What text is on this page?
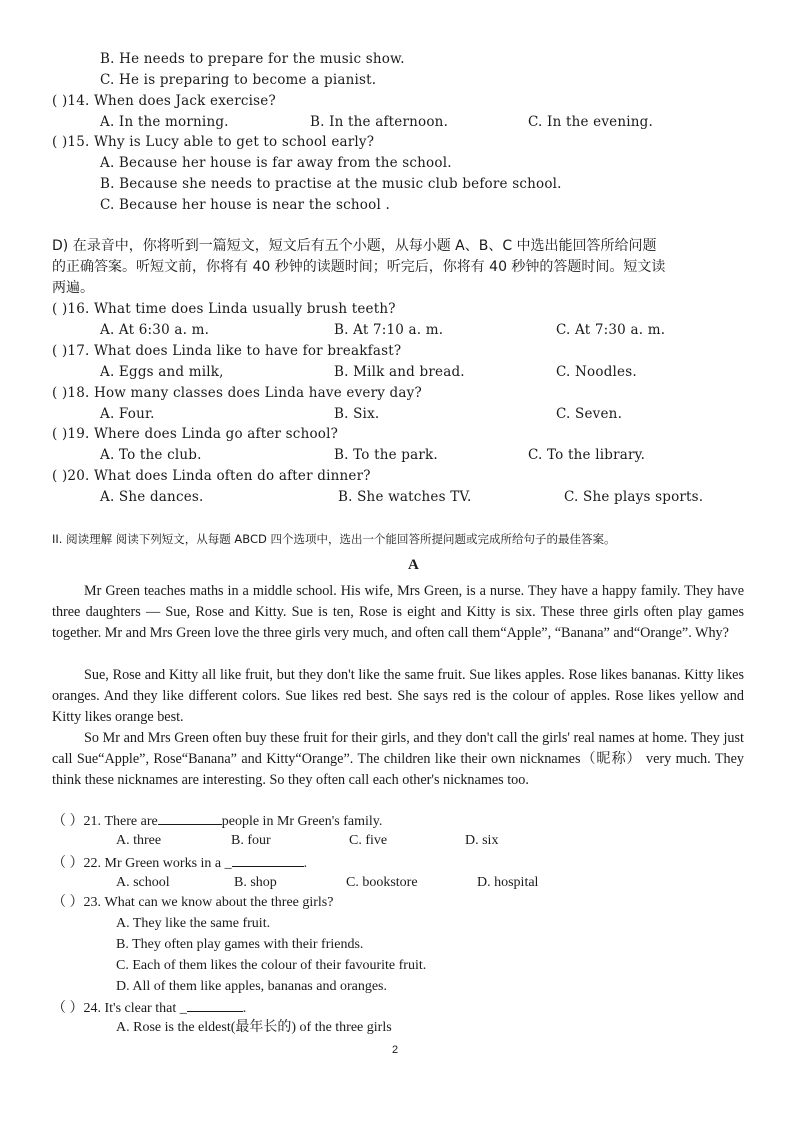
B. He needs to prepare for the music show.
C. He is preparing to become a pianist.
( )14. When does Jack exercise?
A. In the morning.	B. In the afternoon.	C. In the evening.
( )15. Why is Lucy able to get to school early?
A. Because her house is far away from the school.
B. Because she needs to practise at the music club before school.
C. Because her house is near the school .
D) 在录音中，你将听到一篇短文，短文后有五个小题，从每小题 A、B、C 中选出能回答所给问题
的正确答案。听短文前，你将有 40 秒钟的读题时间；听完后，你将有 40 秒钟的答题时间。短文读
两遍。
( )16. What time does Linda usually brush teeth?
A. At 6:30 a. m.	B. At 7:10 a. m.	C. At 7:30 a. m.
( )17. What does Linda like to have for breakfast?
A. Eggs and milk,	B. Milk and bread.	C. Noodles.
( )18. How many classes does Linda have every day?
A. Four.	B. Six.	C. Seven.
( )19. Where does Linda go after school?
A. To the club.	B. To the park.	C. To the library.
( )20. What does Linda often do after dinner?
A. She dances.	B. She watches TV.	C. She plays sports.
II. 阅读理解 阅读下列短文，从每题 ABCD 四个选项中，选出一个能回答所提问题或完成所给句子的最佳答案。
A
Mr Green teaches maths in a middle school. His wife, Mrs Green, is a nurse. They have a happy family. They have three daughters — Sue, Rose and Kitty. Sue is ten, Rose is eight and Kitty is six. These three girls often play games together. Mr and Mrs Green love the three girls very much, and often call them“Apple”, “Banana” and“Orange”. Why?
Sue, Rose and Kitty all like fruit, but they don't like the same fruit. Sue likes apples. Rose likes bananas. Kitty likes oranges. And they like different colors. Sue likes red best. She says red is the colour of apples. Rose likes yellow and Kitty likes orange best.
So Mr and Mrs Green often buy these fruit for their girls, and they don't call the girls' real names at home. They just call Sue“Apple”, Rose“Banana” and Kitty“Orange”. The children like their own nicknames（昵称） very much. They think these nicknames are interesting. So they often call each other's nicknames too.
（ ）21. There are	people in Mr Green's family.
A. three	B. four	C. five	D. six
（ ）22. Mr Green works in a _	.
A. school	B. shop	C. bookstore	D. hospital
（ ）23. What can we know about the three girls?
A. They like the same fruit.
B. They often play games with their friends.
C. Each of them likes the colour of their favourite fruit.
D. All of them like apples, bananas and oranges.
（ ）24. It's clear that _	.
A. Rose is the eldest(最年长的) of the three girls
2
